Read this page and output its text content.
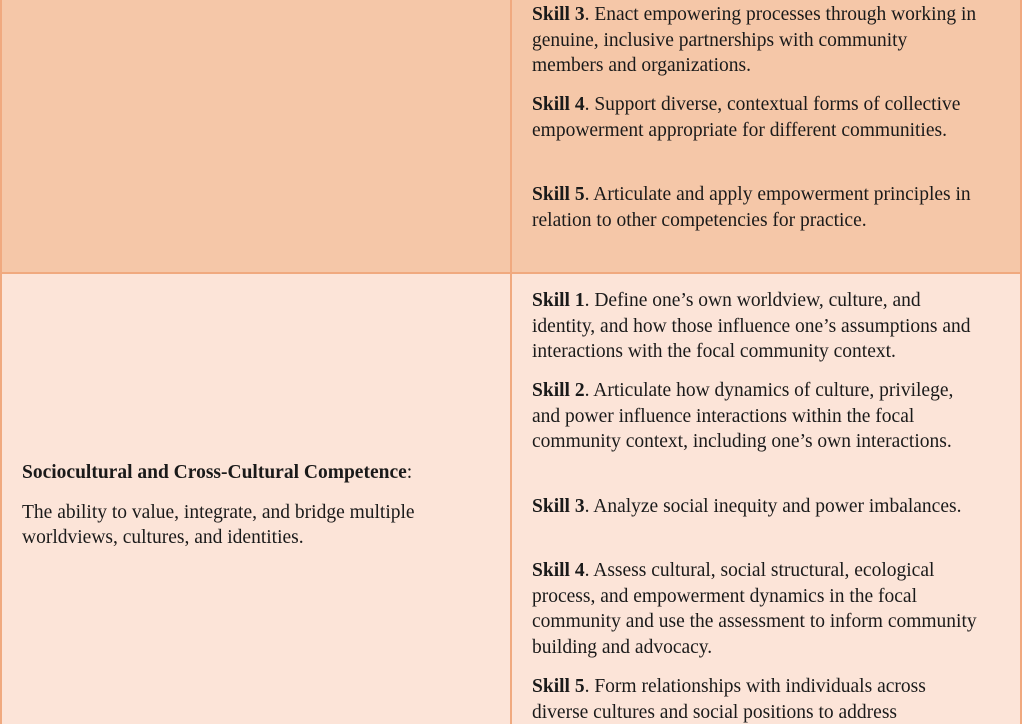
Skill 3. Enact empowering processes through working in genuine, inclusive partnerships with community members and organizations.

Skill 4. Support diverse, contextual forms of collective empowerment appropriate for different communities.

Skill 5. Articulate and apply empowerment principles in relation to other competencies for practice.

Sociocultural and Cross-Cultural Competence:

The ability to value, integrate, and bridge multiple worldviews, cultures, and identities.

Skill 1. Define one’s own worldview, culture, and identity, and how those influence one’s assumptions and interactions with the focal community context.

Skill 2. Articulate how dynamics of culture, privilege, and power influence interactions within the focal community context, including one’s own interactions.

Skill 3. Analyze social inequity and power imbalances.

Skill 4. Assess cultural, social structural, ecological process, and empowerment dynamics in the focal community and use the assessment to inform community building and advocacy.

Skill 5. Form relationships with individuals across diverse cultures and social positions to address
